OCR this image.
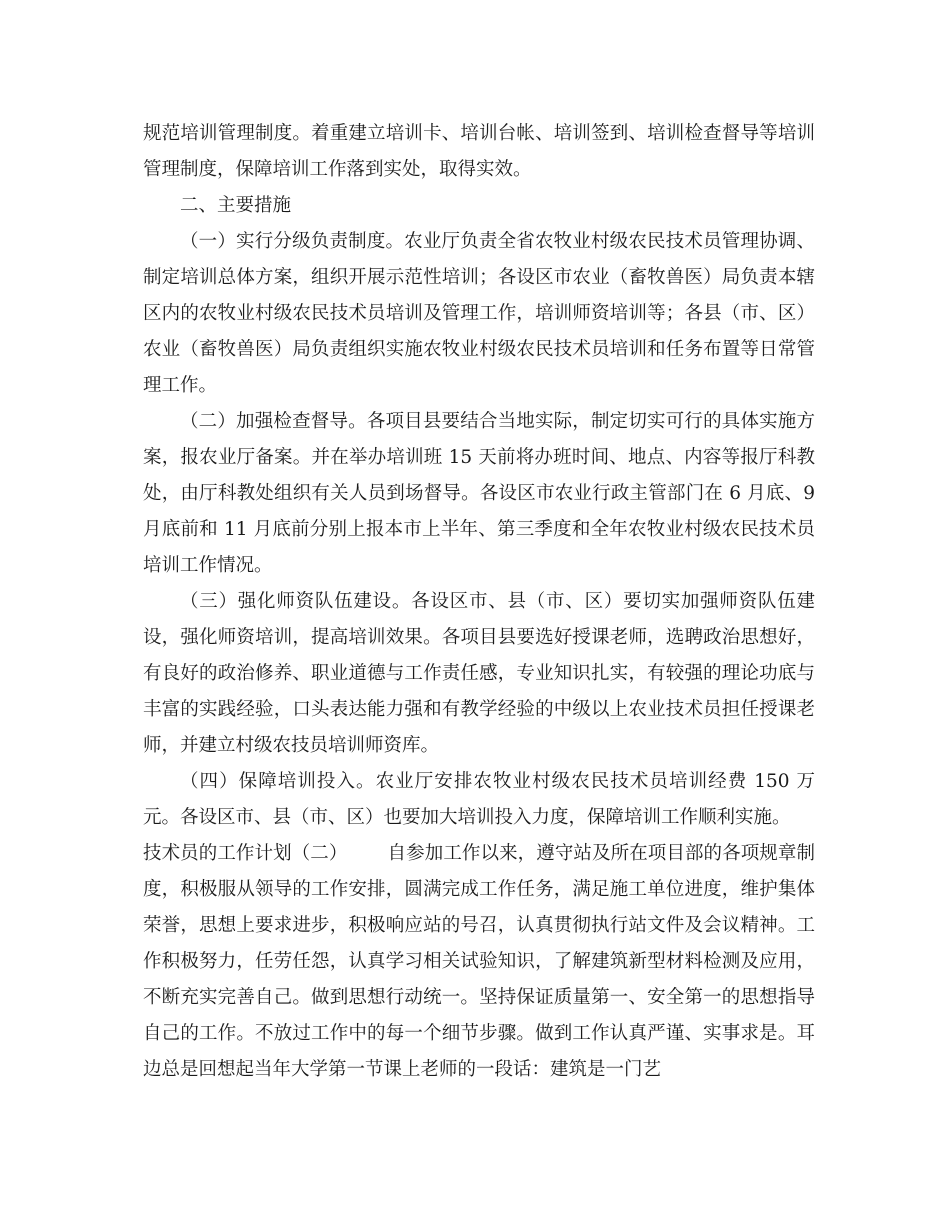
规范培训管理制度。着重建立培训卡、培训台帐、培训签到、培训检查督导等培训管理制度，保障培训工作落到实处，取得实效。

二、主要措施

（一）实行分级负责制度。农业厅负责全省农牧业村级农民技术员管理协调、制定培训总体方案，组织开展示范性培训；各设区市农业（畜牧兽医）局负责本辖区内的农牧业村级农民技术员培训及管理工作，培训师资培训等；各县（市、区）农业（畜牧兽医）局负责组织实施农牧业村级农民技术员培训和任务布置等日常管理工作。

（二）加强检查督导。各项目县要结合当地实际，制定切实可行的具体实施方案，报农业厅备案。并在举办培训班 15 天前将办班时间、地点、内容等报厅科教处，由厅科教处组织有关人员到场督导。各设区市农业行政主管部门在 6 月底、9 月底前和 11 月底前分别上报本市上半年、第三季度和全年农牧业村级农民技术员培训工作情况。

（三）强化师资队伍建设。各设区市、县（市、区）要切实加强师资队伍建设，强化师资培训，提高培训效果。各项目县要选好授课老师，选聘政治思想好，有良好的政治修养、职业道德与工作责任感，专业知识扎实，有较强的理论功底与丰富的实践经验，口头表达能力强和有教学经验的中级以上农业技术员担任授课老师，并建立村级农技员培训师资库。

（四）保障培训投入。农业厅安排农牧业村级农民技术员培训经费 150 万元。各设区市、县（市、区）也要加大培训投入力度，保障培训工作顺利实施。

技术员的工作计划（二） 自参加工作以来，遵守站及所在项目部的各项规章制度，积极服从领导的工作安排，圆满完成工作任务，满足施工单位进度，维护集体荣誉，思想上要求进步，积极响应站的号召，认真贯彻执行站文件及会议精神。工作积极努力，任劳任怨，认真学习相关试验知识，了解建筑新型材料检测及应用，不断充实完善自己。做到思想行动统一。坚持保证质量第一、安全第一的思想指导自己的工作。不放过工作中的每一个细节步骤。做到工作认真严谨、实事求是。耳边总是回想起当年大学第一节课上老师的一段话：建筑是一门艺
